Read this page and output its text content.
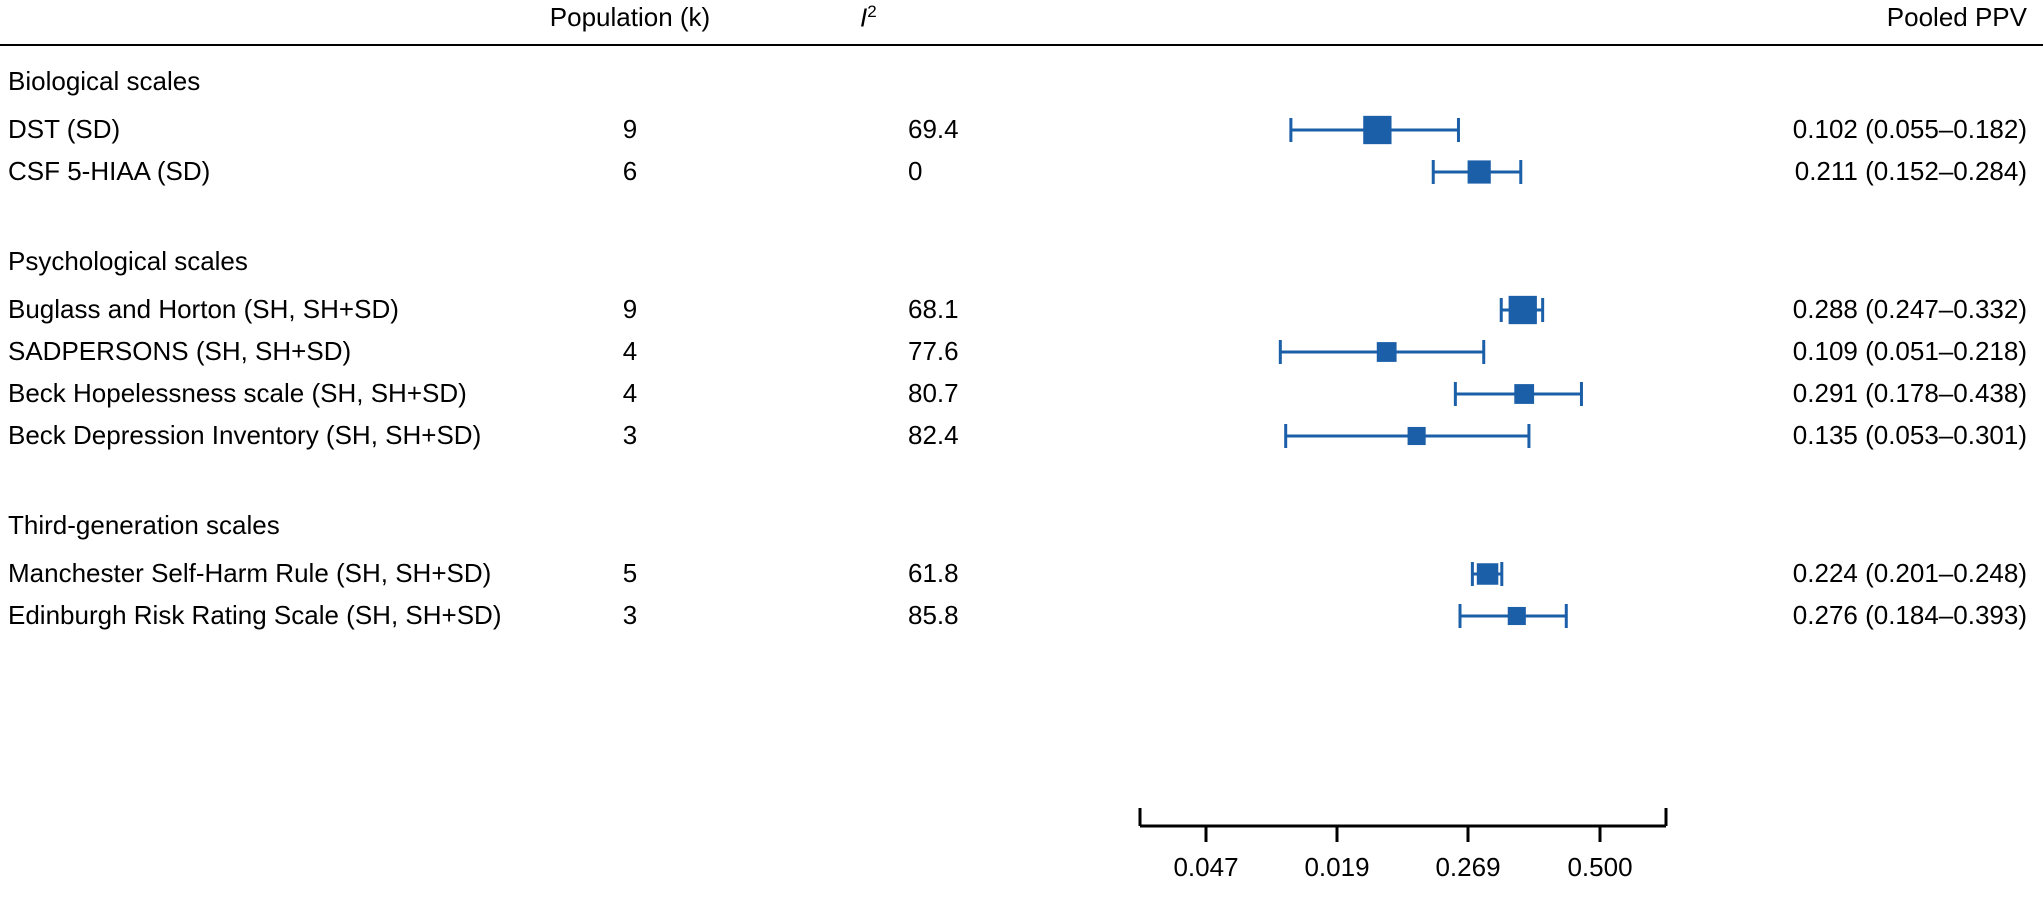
Population (k)	$I^2$	Pooled PPV
Biological scales
DST (SD)	9	69.4	0.102 (0.055–0.182)
CSF 5-HIAA (SD)	6	0	0.211 (0.152–0.284)
Psychological scales
Buglass and Horton (SH, SH+SD)	9	68.1	0.288 (0.247–0.332)
SADPERSONS (SH, SH+SD)	4	77.6	0.109 (0.051–0.218)
Beck Hopelessness scale (SH, SH+SD)	4	80.7	0.291 (0.178–0.438)
Beck Depression Inventory (SH, SH+SD)	3	82.4	0.135 (0.053–0.301)
Third-generation scales
Manchester Self-Harm Rule (SH, SH+SD)	5	61.8	0.224 (0.201–0.248)
Edinburgh Risk Rating Scale (SH, SH+SD)	3	85.8	0.276 (0.184–0.393)
0.047	0.019	0.269	0.500
